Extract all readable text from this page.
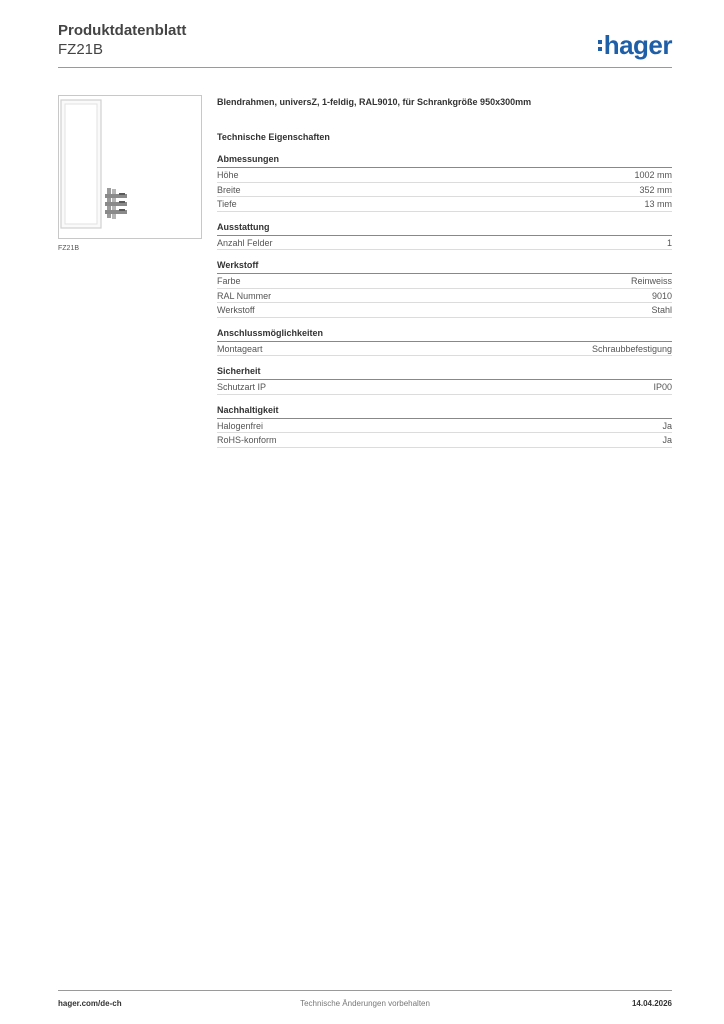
Produktdatenblatt
FZ21B	hager
FZ21B
Blendrahmen, universZ, 1-feldig, RAL9010, für Schrankgröße 950x300mm
Technische Eigenschaften
Abmessungen
Höhe	1002 mm
Breite	352 mm
Tiefe	13 mm
Ausstattung
Anzahl Felder	1
Werkstoff
Farbe	Reinweiss
RAL Nummer	9010
Werkstoff	Stahl
Anschlussmöglichkeiten
Montageart	Schraubbefestigung
Sicherheit
Schutzart IP	IP00
Nachhaltigkeit
Halogenfrei	Ja
RoHS-konform	Ja
hager.com/de-ch	Technische Änderungen vorbehalten	14.04.2026
